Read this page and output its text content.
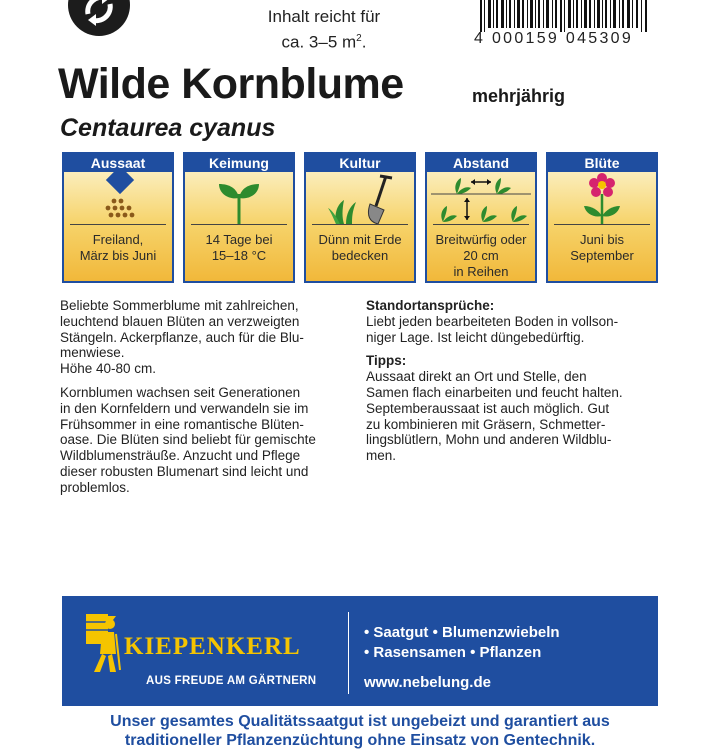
Inhalt reicht für
ca. 3–5 $m^2$.	4 000159 045309
Wilde Kornblume	mehrjährig
Centaurea cyanus
Aussaat
Freiland,
März bis Juni
Keimung
14 Tage bei
15–18 °C
Kultur
Dünn mit Erde
bedecken
Abstand
Breitwürfig oder
20 cm
in Reihen
Blüte
Juni bis
September

Beliebte Sommerblume mit zahlreichen,
leuchtend blauen Blüten an verzweigten
Stängeln. Ackerpflanze, auch für die Blu-
menwiese.
Höhe 40-80 cm.

Kornblumen wachsen seit Generationen
in den Kornfeldern und verwandeln sie im
Frühsommer in eine romantische Blüten-
oase. Die Blüten sind beliebt für gemischte
Wildblumensträuße. Anzucht und Pflege
dieser robusten Blumenart sind leicht und
problemlos.

Standortansprüche:

Liebt jeden bearbeiteten Boden in vollson-
niger Lage. Ist leicht düngebedürftig.

Tipps:

Aussaat direkt an Ort und Stelle, den
Samen flach einarbeiten und feucht halten.
Septemberaussaat ist auch möglich. Gut
zu kombinieren mit Gräsern, Schmetter-
lingsblütlern, Mohn und anderen Wildblu-
men.

KIEPENKERL
AUS FREUDE AM GÄRTNERN
• Saatgut • Blumenzwiebeln
• Rasensamen • Pflanzen
www.nebelung.de
Unser gesamtes Qualitätssaatgut ist ungebeizt und garantiert aus
traditioneller Pflanzenzüchtung ohne Einsatz von Gentechnik.
